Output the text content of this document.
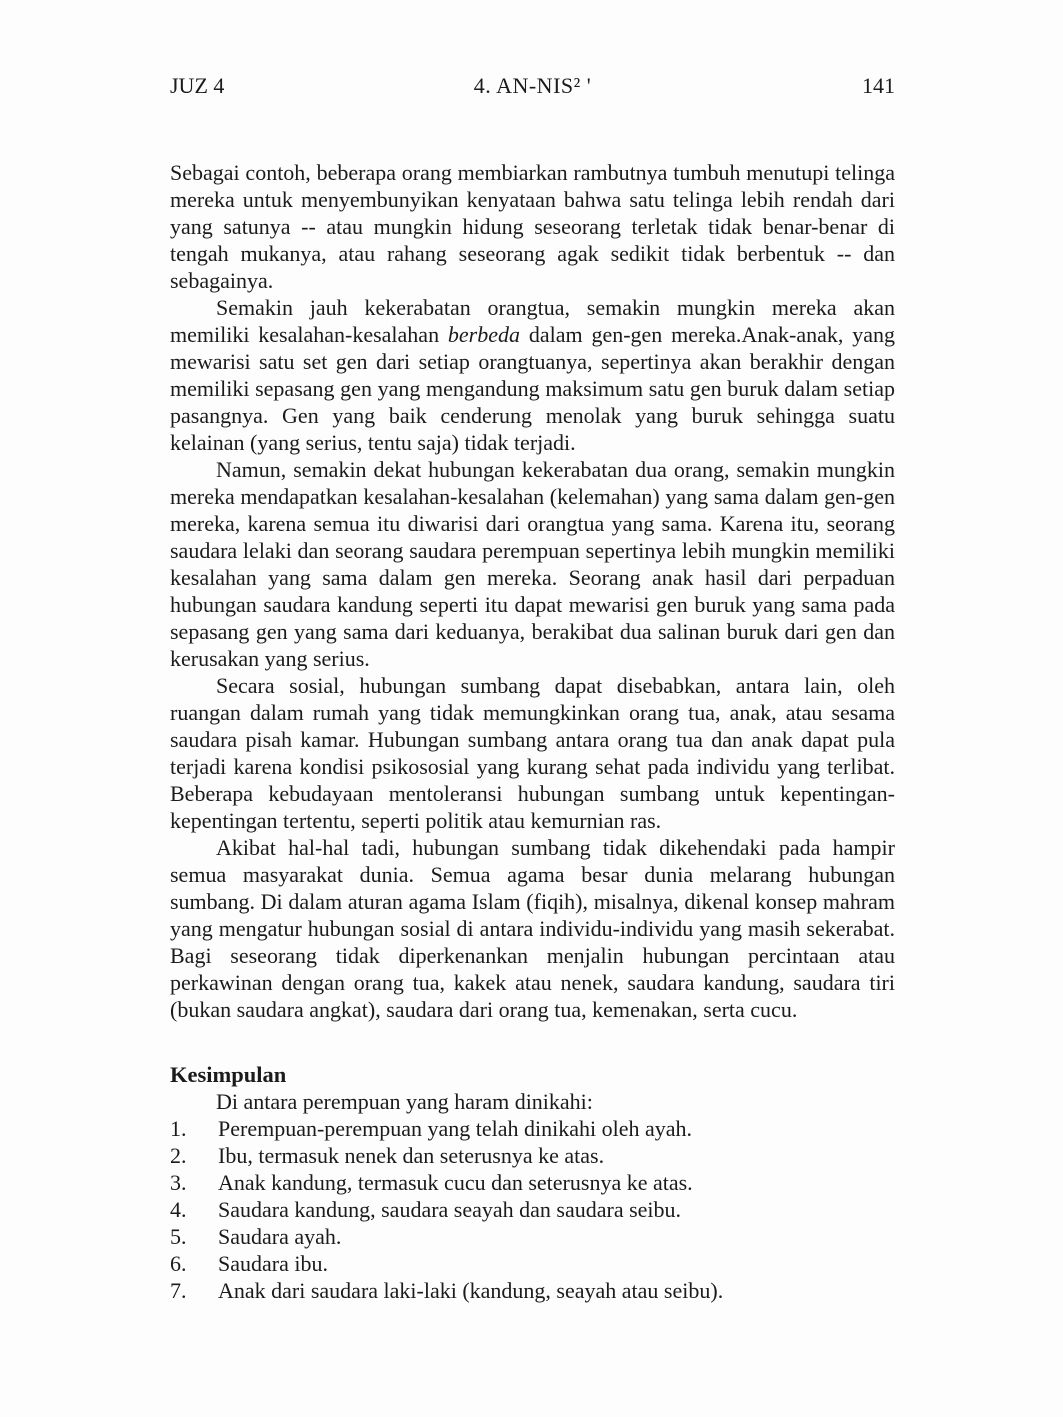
JUZ 4	4. AN-NIS² '	141

Sebagai contoh, beberapa orang membiarkan rambutnya tumbuh menutupi telinga mereka untuk menyembunyikan kenyataan bahwa satu telinga lebih rendah dari yang satunya -- atau mungkin hidung seseorang terletak tidak benar-benar di tengah mukanya, atau rahang seseorang agak sedikit tidak berbentuk -- dan sebagainya.

Semakin jauh kekerabatan orangtua, semakin mungkin mereka akan memiliki kesalahan-kesalahan berbeda dalam gen-gen mereka.Anak-anak, yang mewarisi satu set gen dari setiap orangtuanya, sepertinya akan berakhir dengan memiliki sepasang gen yang mengandung maksimum satu gen buruk dalam setiap pasangnya. Gen yang baik cenderung menolak yang buruk sehingga suatu kelainan (yang serius, tentu saja) tidak terjadi.

Namun, semakin dekat hubungan kekerabatan dua orang, semakin mungkin mereka mendapatkan kesalahan-kesalahan (kelemahan) yang sama dalam gen-gen mereka, karena semua itu diwarisi dari orangtua yang sama. Karena itu, seorang saudara lelaki dan seorang saudara perempuan sepertinya lebih mungkin memiliki kesalahan yang sama dalam gen mereka. Seorang anak hasil dari perpaduan hubungan saudara kandung seperti itu dapat mewarisi gen buruk yang sama pada sepasang gen yang sama dari keduanya, berakibat dua salinan buruk dari gen dan kerusakan yang serius.

Secara sosial, hubungan sumbang dapat disebabkan, antara lain, oleh ruangan dalam rumah yang tidak memungkinkan orang tua, anak, atau sesama saudara pisah kamar. Hubungan sumbang antara orang tua dan anak dapat pula terjadi karena kondisi psikososial yang kurang sehat pada individu yang terlibat. Beberapa kebudayaan mentoleransi hubungan sumbang untuk kepentingan-kepentingan tertentu, seperti politik atau kemurnian ras.

Akibat hal-hal tadi, hubungan sumbang tidak dikehendaki pada hampir semua masyarakat dunia. Semua agama besar dunia melarang hubungan sumbang. Di dalam aturan agama Islam (fiqih), misalnya, dikenal konsep mahram yang mengatur hubungan sosial di antara individu-individu yang masih sekerabat. Bagi seseorang tidak diperkenankan menjalin hubungan percintaan atau perkawinan dengan orang tua, kakek atau nenek, saudara kandung, saudara tiri (bukan saudara angkat), saudara dari orang tua, kemenakan, serta cucu.

Kesimpulan

Di antara perempuan yang haram dinikahi:

1.	Perempuan-perempuan yang telah dinikahi oleh ayah.
2.	Ibu, termasuk nenek dan seterusnya ke atas.
3.	Anak kandung, termasuk cucu dan seterusnya ke atas.
4.	Saudara kandung, saudara seayah dan saudara seibu.
5.	Saudara ayah.
6.	Saudara ibu.
7.	Anak dari saudara laki-laki (kandung, seayah atau seibu).
